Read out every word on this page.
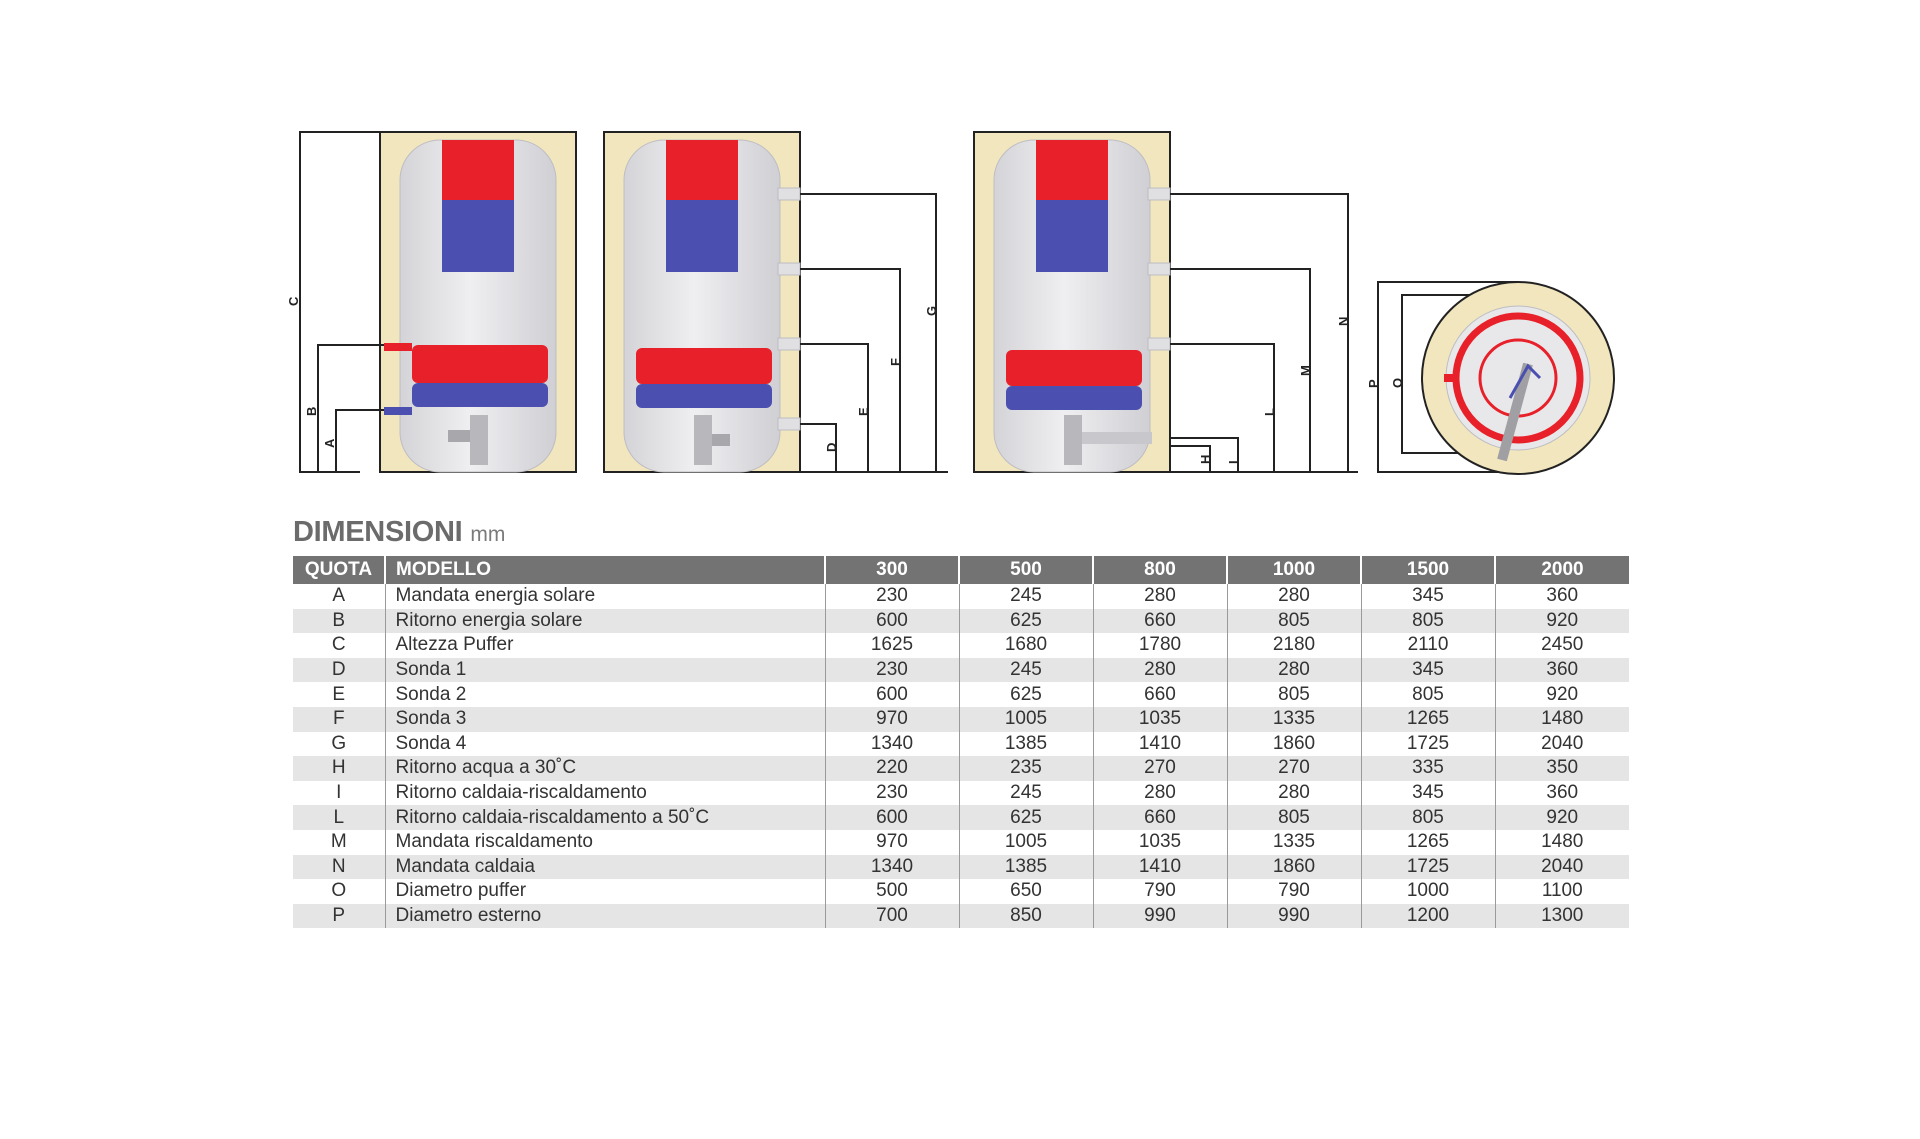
C
B
A
G
F
E
D
N
M
L
I
H
P O
DIMENSIONI mm
QUOTA	MODELLO	300	500	800	1000	1500	2000
A	Mandata energia solare	230	245	280	280	345	360
B	Ritorno energia solare	600	625	660	805	805	920
C	Altezza Puffer	1625	1680	1780	2180	2110	2450
D	Sonda 1	230	245	280	280	345	360
E	Sonda 2	600	625	660	805	805	920
F	Sonda 3	970	1005	1035	1335	1265	1480
G	Sonda 4	1340	1385	1410	1860	1725	2040
H	Ritorno acqua a 30˚C	220	235	270	270	335	350
I	Ritorno caldaia-riscaldamento	230	245	280	280	345	360
L	Ritorno caldaia-riscaldamento a 50˚C	600	625	660	805	805	920
M	Mandata riscaldamento	970	1005	1035	1335	1265	1480
N	Mandata caldaia	1340	1385	1410	1860	1725	2040
O	Diametro puffer	500	650	790	790	1000	1100
P	Diametro esterno	700	850	990	990	1200	1300
